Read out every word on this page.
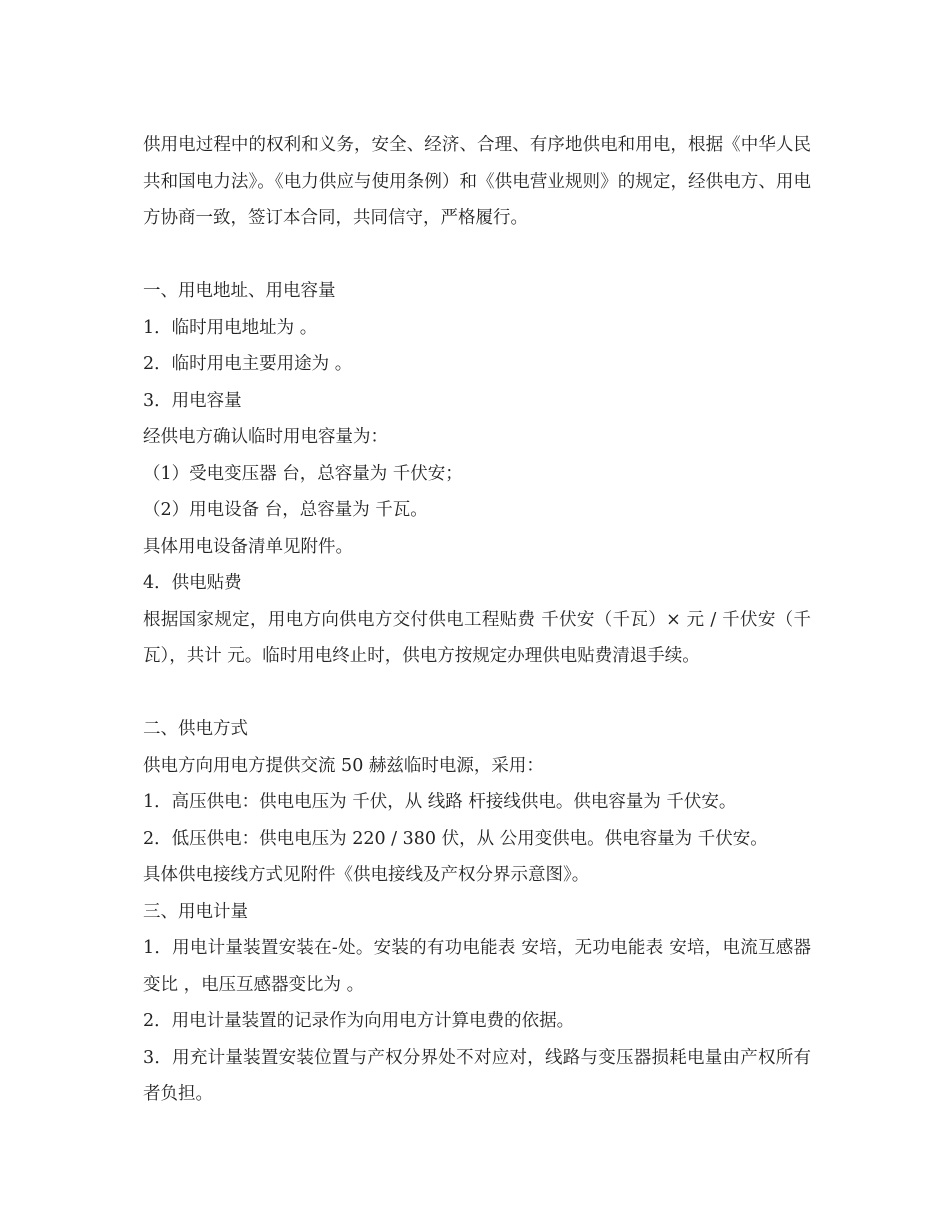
供用电过程中的权利和义务，安全、经济、合理、有序地供电和用电，根据《中华人民共和国电力法》。《电力供应与使用条例）和《供电营业规则》的规定，经供电方、用电方协商一致，签订本合同，共同信守，严格履行。

一、用电地址、用电容量

1．临时用电地址为 。

2．临时用电主要用途为 。

3．用电容量

经供电方确认临时用电容量为：

（1）受电变压器 台，总容量为 千伏安；

（2）用电设备 台，总容量为 千瓦。

具体用电设备清单见附件。

4．供电贴费

根据国家规定，用电方向供电方交付供电工程贴费 千伏安（千瓦）× 元 / 千伏安（千瓦），共计 元。临时用电终止时，供电方按规定办理供电贴费清退手续。

二、供电方式

供电方向用电方提供交流 50 赫兹临时电源，采用：

1．高压供电：供电电压为 千伏，从 线路 杆接线供电。供电容量为 千伏安。

2．低压供电：供电电压为 220 / 380 伏，从 公用变供电。供电容量为 千伏安。

具体供电接线方式见附件《供电接线及产权分界示意图》。

三、用电计量

1．用电计量装置安装在-处。安装的有功电能表 安培，无功电能表 安培，电流互感器变比 ，电压互感器变比为 。

2．用电计量装置的记录作为向用电方计算电费的依据。

3．用充计量装置安装位置与产权分界处不对应对，线路与变压器损耗电量由产权所有者负担。
